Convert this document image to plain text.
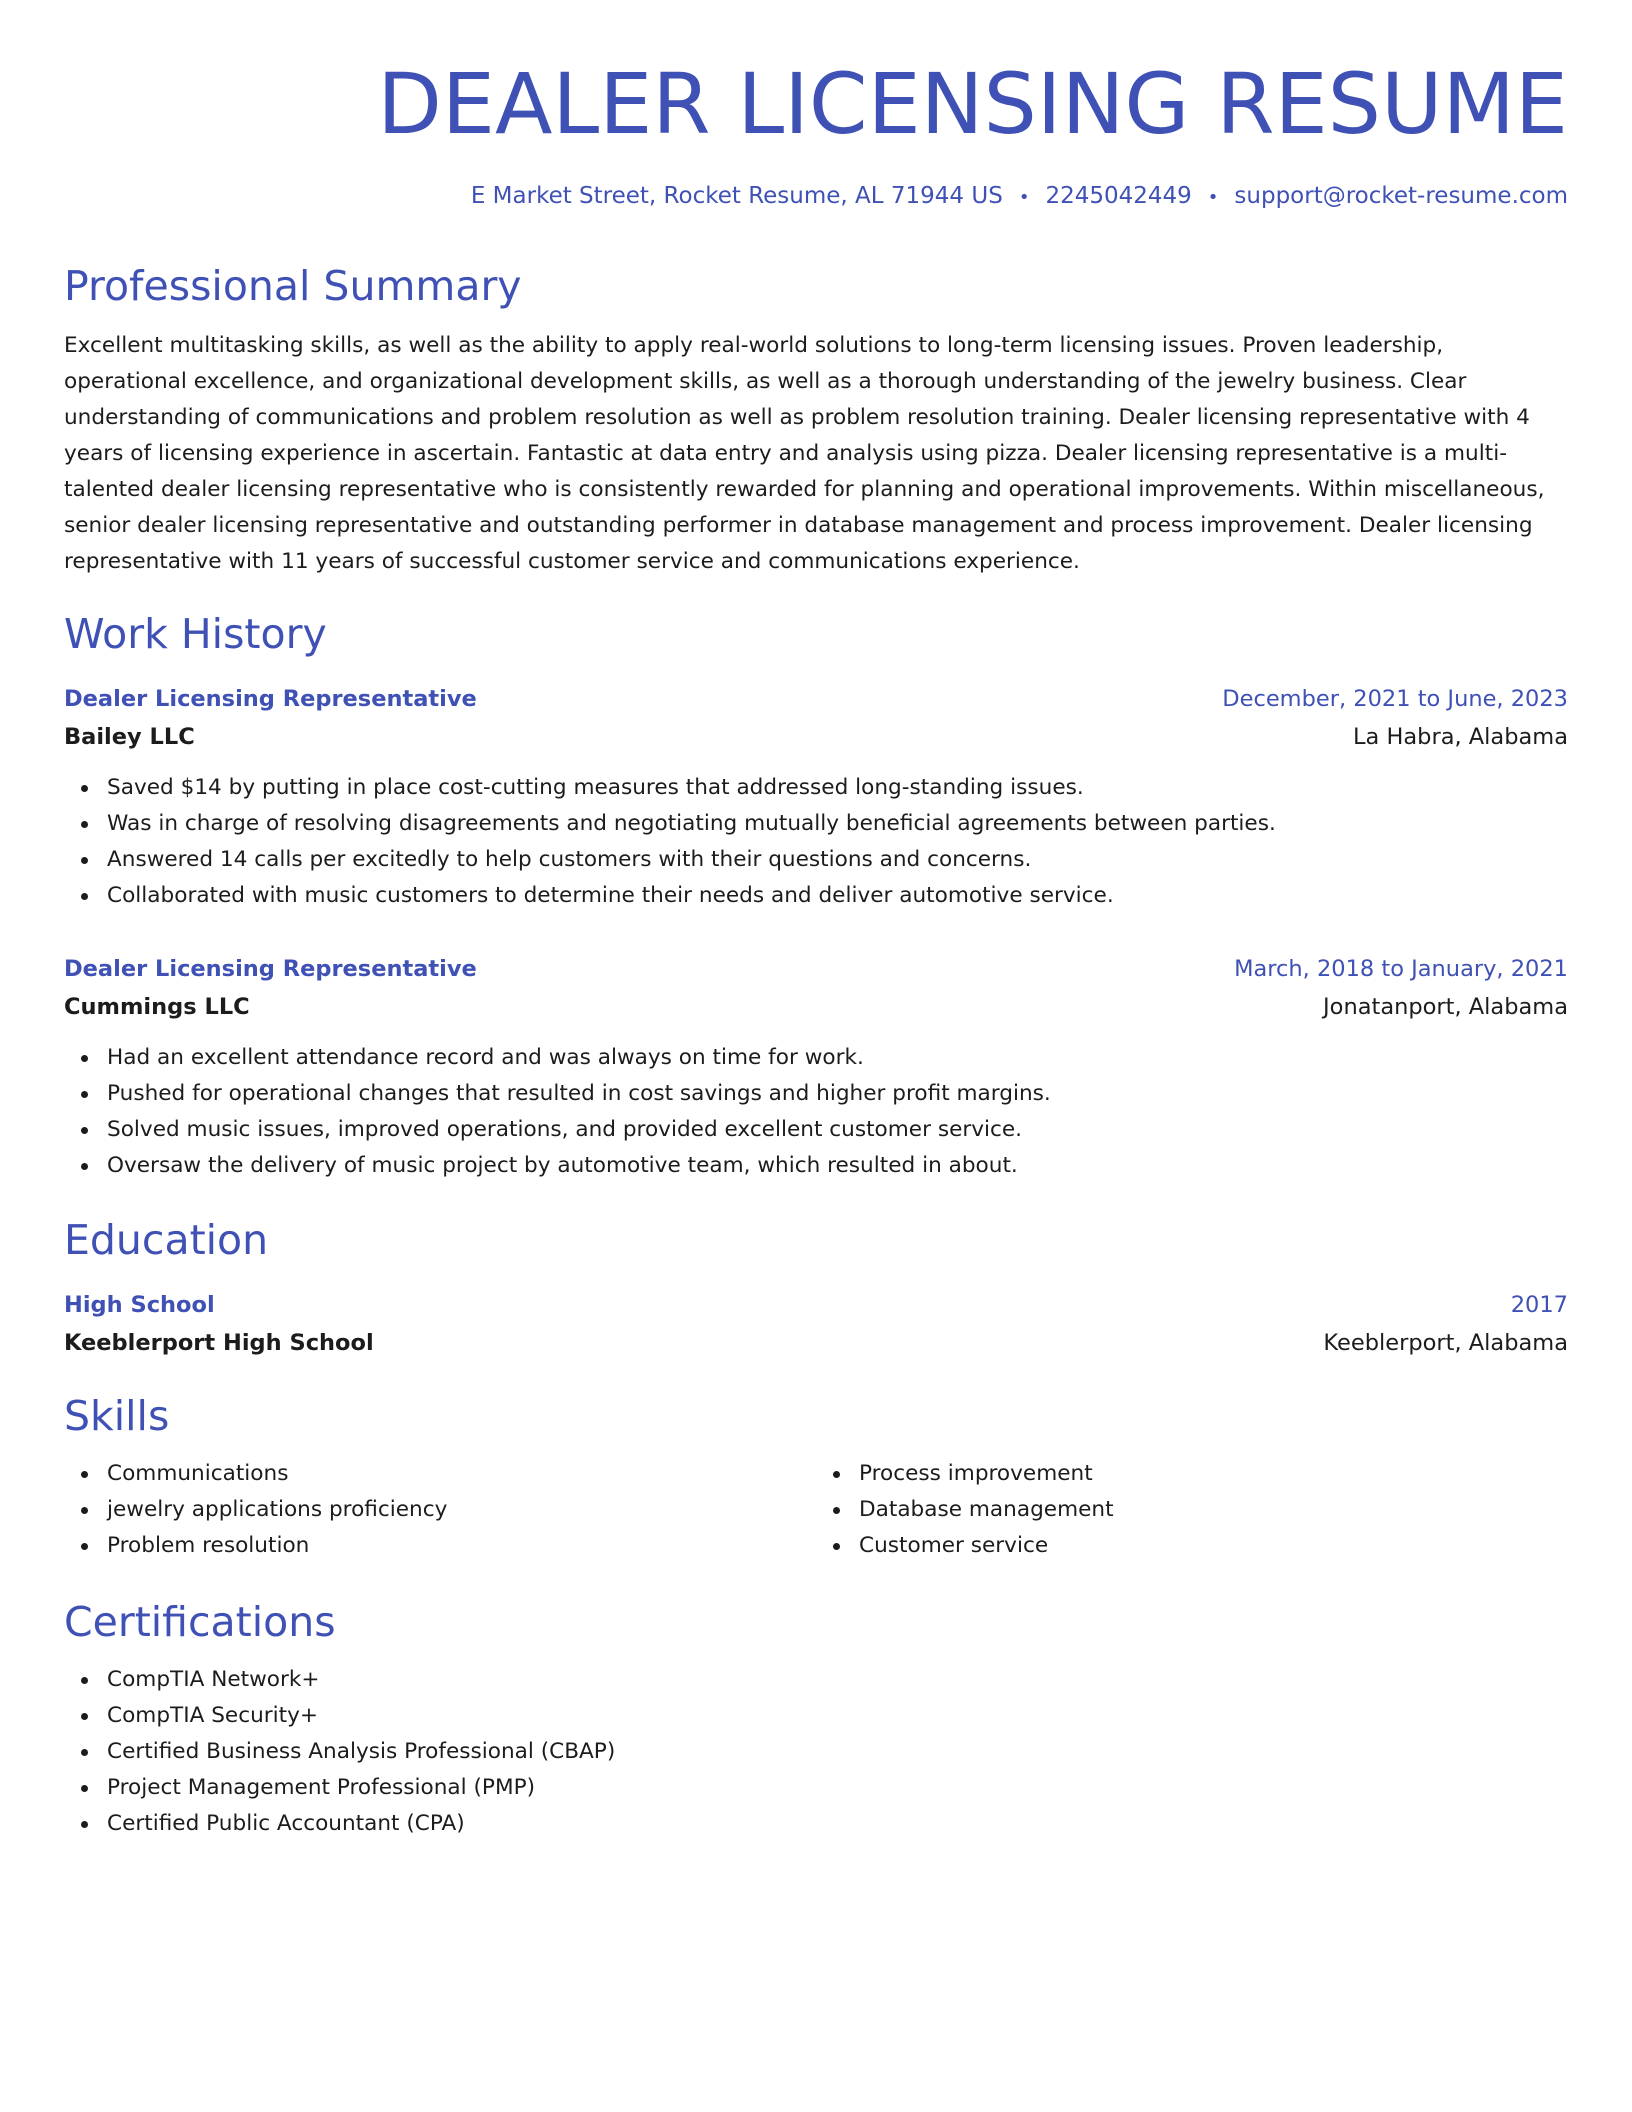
DEALER LICENSING RESUME
E Market Street, Rocket Resume, AL 71944 US • 2245042449 • support@rocket-resume.com
Professional Summary

Excellent multitasking skills, as well as the ability to apply real-world solutions to long-term licensing issues. Proven leadership, operational excellence, and organizational development skills, as well as a thorough understanding of the jewelry business. Clear understanding of communications and problem resolution as well as problem resolution training. Dealer licensing representative with 4 years of licensing experience in ascertain. Fantastic at data entry and analysis using pizza. Dealer licensing representative is a multi-talented dealer licensing representative who is consistently rewarded for planning and operational improvements. Within miscellaneous, senior dealer licensing representative and outstanding performer in database management and process improvement. Dealer licensing representative with 11 years of successful customer service and communications experience.

Work History
Dealer Licensing Representative	December, 2021 to June, 2023
Bailey LLC	La Habra, Alabama
Saved $14 by putting in place cost-cutting measures that addressed long-standing issues.
Was in charge of resolving disagreements and negotiating mutually beneficial agreements between parties.
Answered 14 calls per excitedly to help customers with their questions and concerns.
Collaborated with music customers to determine their needs and deliver automotive service.
Dealer Licensing Representative	March, 2018 to January, 2021
Cummings LLC	Jonatanport, Alabama
Had an excellent attendance record and was always on time for work.
Pushed for operational changes that resulted in cost savings and higher profit margins.
Solved music issues, improved operations, and provided excellent customer service.
Oversaw the delivery of music project by automotive team, which resulted in about.
Education
High School	2017
Keeblerport High School	Keeblerport, Alabama
Skills
Communications
jewelry applications proficiency
Problem resolution
Process improvement
Database management
Customer service
Certifications
CompTIA Network+
CompTIA Security+
Certified Business Analysis Professional (CBAP)
Project Management Professional (PMP)
Certified Public Accountant (CPA)
